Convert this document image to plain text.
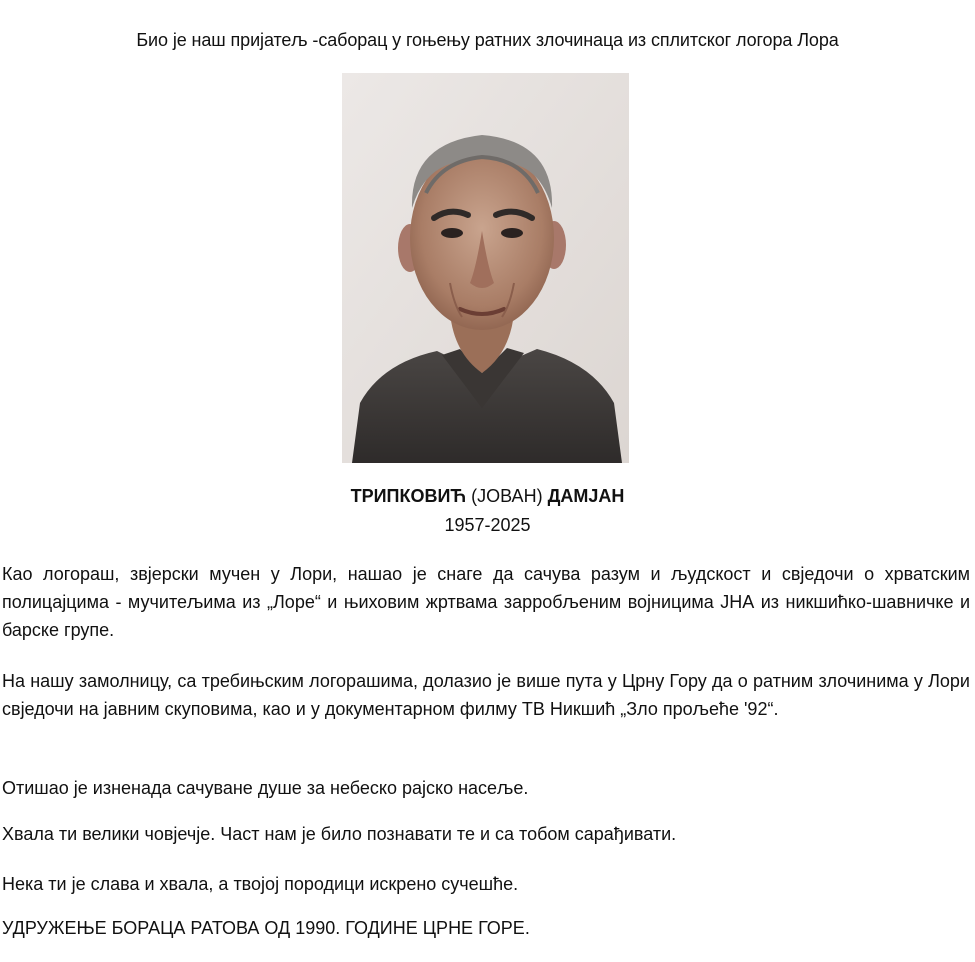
Био је наш пријатељ -саборац у гоњењу ратних злочинаца из сплитског логора Лора
ТРИПКОВИЋ (ЈОВАН) ДАМЈАН
1957-2025

Као логораш, звјерски мучен у Лори, нашао је снаге да сачува разум и људскост и свједочи о хрватским полицајцима - мучитељима из „Лоре“ и њиховим жртвама зарробљеним војницима ЈНА из никшићко-шавничке и барске групе.

На нашу замолницу, са требињским логорашима, долазио је више пута у Црну Гору да о ратним злочинима у Лори свједочи на јавним скуповима, као и у документарном филму ТВ Никшић „Зло прољеће '92“.

Отишао је изненада сачуване душе за небеско рајско насеље.

Хвала ти велики човјечје. Част нам је било познавати те и са тобом сарађивати.

Нека ти је слава и хвала, а твојој породици искрено сучешће.

УДРУЖЕЊЕ БОРАЦА РАТОВА ОД 1990. ГОДИНЕ ЦРНЕ ГОРЕ.
